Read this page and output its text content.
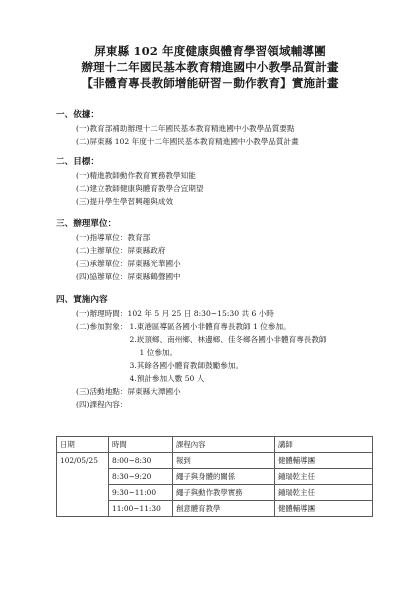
屏東縣 102 年度健康與體育學習領域輔導團
辦理十二年國民基本教育精進國中小教學品質計畫
【非體育專長教師增能研習－動作教育】實施計畫
一、依據：
(一)教育部補助辦理十二年國民基本教育精進國中小教學品質要點
(二)屏東縣 102 年度十二年國民基本教育精進國中小教學品質計畫
二、目標：
(一)精進教師動作教育實務教學知能
(二)建立教師健康與體育教學合宜期望
(三)提升學生學習興趣與成效
三、辦理單位：
(一)指導單位：教育部
(二)主辦單位：屏東縣政府
(三)承辦單位：屏東縣光華國小
(四)協辦單位：屏東縣鶴聲國中
四、實施內容
(一)辦理時間：102 年 5 月 25 日 8:30~15:30 共 6 小時
(二)參加對象： 1.東港區導區各國小非體育專長教師 1 位參加。
2.崁頂鄉、南州鄉、林邊鄉、佳冬鄉各國小非體育專長教師
1 位參加。
3.其餘各國小體育教師鼓勵參加。
4.預計參加人數 50 人
(三)活動地點：屏東縣大潭國小
(四)課程內容：
日期	時間	課程內容	講師
102/05/25	8:00~8:30	報到	健體輔導團
	8:30~9:20	繩子與身體的關係	鍾瑞乾主任
	9:30~11:00	繩子與動作教學實務	鍾瑞乾主任
	11:00~11:30	創意體育教學	健體輔導團
